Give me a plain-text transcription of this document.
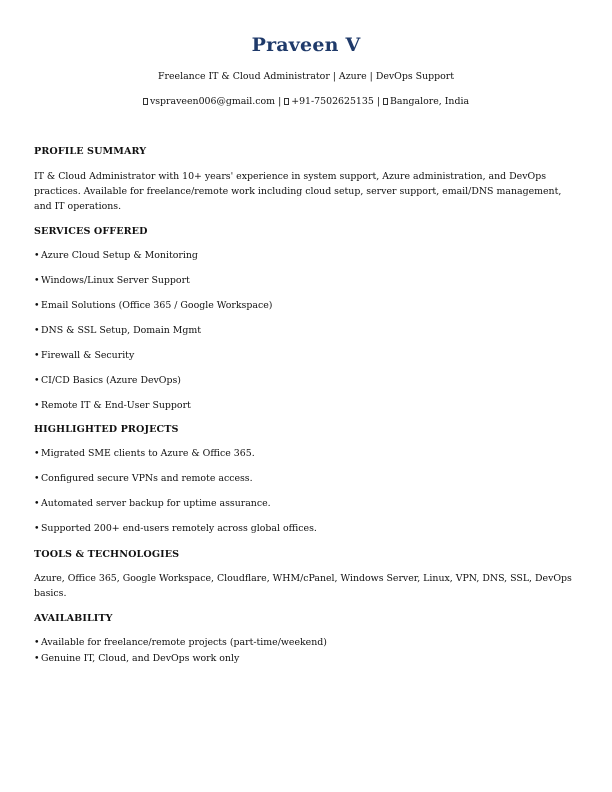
Praveen V
Freelance IT & Cloud Administrator | Azure | DevOps Support
vspraveen006@gmail.com | +91-7502625135 | Bangalore, India
PROFILE SUMMARY
IT & Cloud Administrator with 10+ years' experience in system support, Azure administration, and DevOps practices. Available for freelance/remote work including cloud setup, server support, email/DNS management, and IT operations.
SERVICES OFFERED
•Azure Cloud Setup & Monitoring
•Windows/Linux Server Support
•Email Solutions (Office 365 / Google Workspace)
•DNS & SSL Setup, Domain Mgmt
•Firewall & Security
•CI/CD Basics (Azure DevOps)
•Remote IT & End-User Support
HIGHLIGHTED PROJECTS
•Migrated SME clients to Azure & Office 365.
•Configured secure VPNs and remote access.
•Automated server backup for uptime assurance.
•Supported 200+ end-users remotely across global offices.
TOOLS & TECHNOLOGIES
Azure, Office 365, Google Workspace, Cloudflare, WHM/cPanel, Windows Server, Linux, VPN, DNS, SSL, DevOps basics.
AVAILABILITY
•Available for freelance/remote projects (part-time/weekend)
•Genuine IT, Cloud, and DevOps work only
